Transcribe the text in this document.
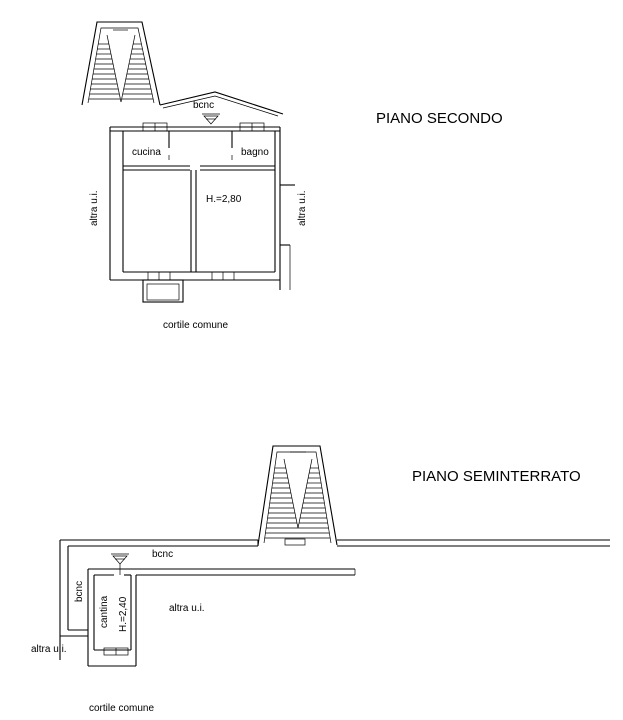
PIANO SECONDO
bcnc
cucina	bagno
H.=2,80
altra u.i.	altra u.i.
cortile comune
PIANO SEMINTERRATO
bcnc
bcnc
cantina H.=2,40	altra u.i.
altra u.i.
cortile comune
